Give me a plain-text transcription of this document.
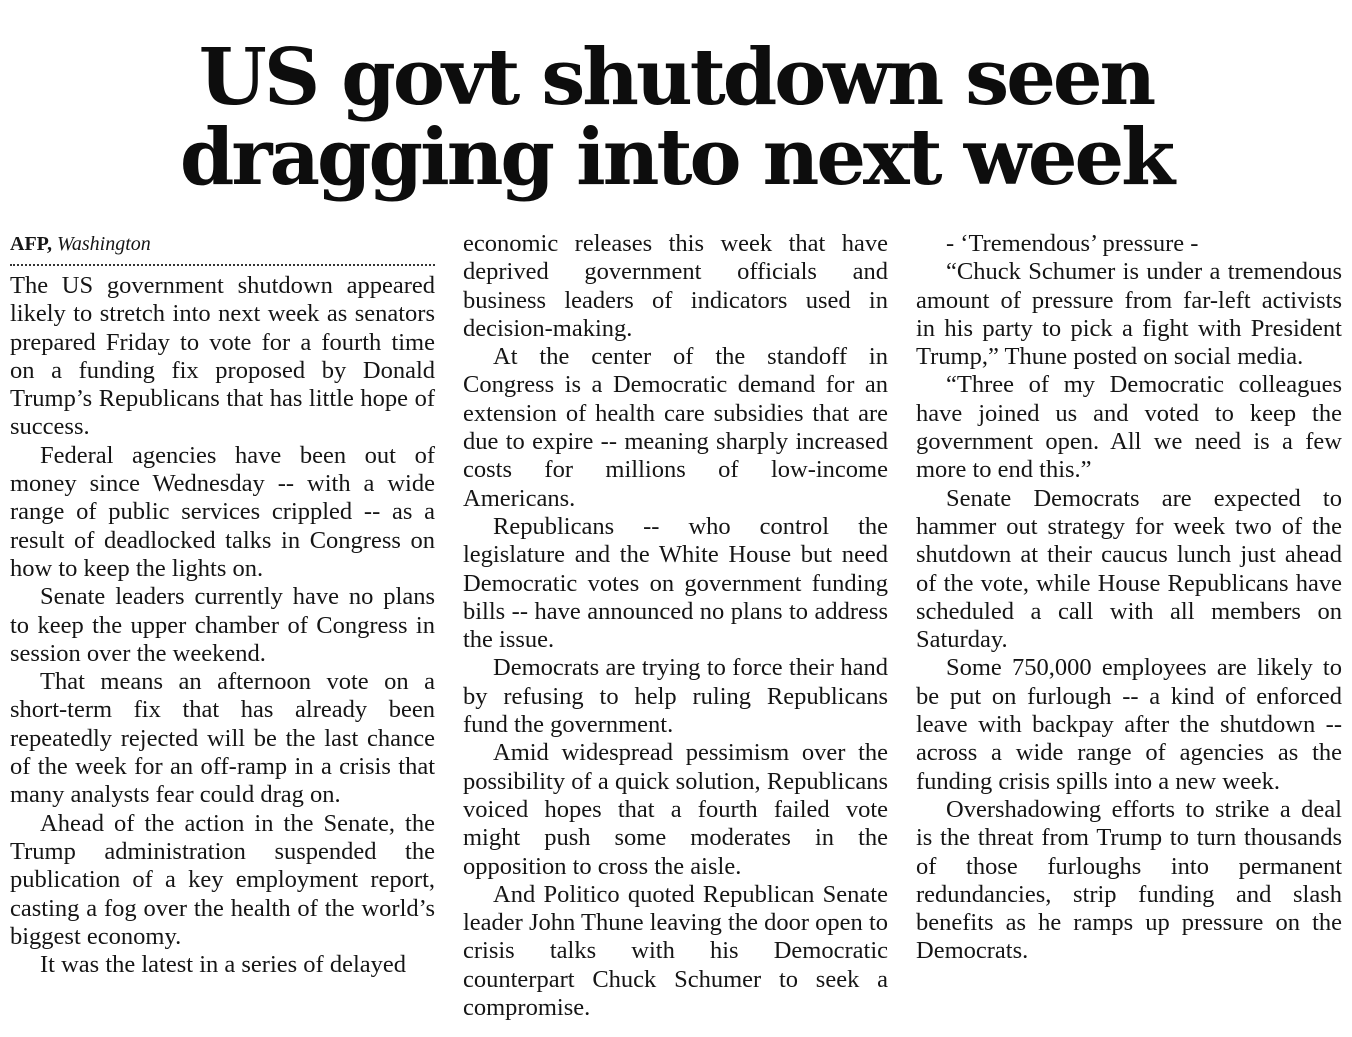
US govt shutdown seen
dragging into next week
AFP, Washington

The US government shutdown appeared likely to stretch into next week as senators prepared Friday to vote for a fourth time on a funding fix proposed by Donald Trump’s Republicans that has little hope of success.

Federal agencies have been out of money since Wednesday -- with a wide range of public services crippled -- as a result of deadlocked talks in Congress on how to keep the lights on.

Senate leaders currently have no plans to keep the upper chamber of Congress in session over the weekend.

That means an afternoon vote on a short-term fix that has already been repeatedly rejected will be the last chance of the week for an off-ramp in a crisis that many analysts fear could drag on.

Ahead of the action in the Senate, the Trump administration suspended the publication of a key employment report, casting a fog over the health of the world’s biggest economy.

It was the latest in a series of delayed

economic releases this week that have deprived government officials and business leaders of indicators used in decision-making.

At the center of the standoff in Congress is a Democratic demand for an extension of health care subsidies that are due to expire -- meaning sharply increased costs for millions of low-income Americans.

Republicans -- who control the legislature and the White House but need Democratic votes on government funding bills -- have announced no plans to address the issue.

Democrats are trying to force their hand by refusing to help ruling Republicans fund the government.

Amid widespread pessimism over the possibility of a quick solution, Republicans voiced hopes that a fourth failed vote might push some moderates in the opposition to cross the aisle.

And Politico quoted Republican Senate leader John Thune leaving the door open to crisis talks with his Democratic counterpart Chuck Schumer to seek a compromise.

- ‘Tremendous’ pressure -

“Chuck Schumer is under a tremendous amount of pressure from far-left activists in his party to pick a fight with President Trump,” Thune posted on social media.

“Three of my Democratic colleagues have joined us and voted to keep the government open. All we need is a few more to end this.”

Senate Democrats are expected to hammer out strategy for week two of the shutdown at their caucus lunch just ahead of the vote, while House Republicans have scheduled a call with all members on Saturday.

Some 750,000 employees are likely to be put on furlough -- a kind of enforced leave with backpay after the shutdown -- across a wide range of agencies as the funding crisis spills into a new week.

Overshadowing efforts to strike a deal is the threat from Trump to turn thousands of those furloughs into permanent redundancies, strip funding and slash benefits as he ramps up pressure on the Democrats.
